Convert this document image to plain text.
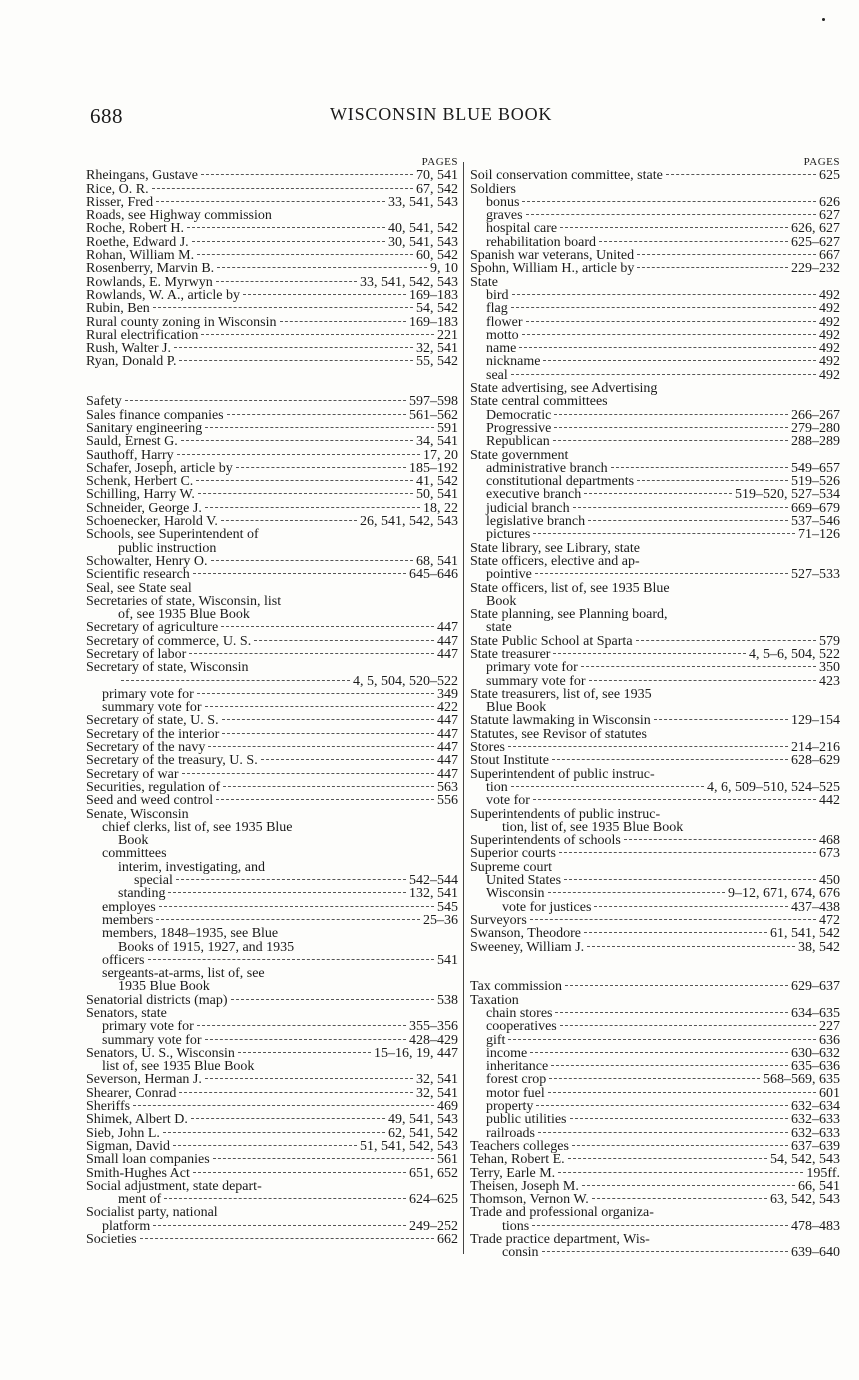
688	WISCONSIN BLUE BOOK
PAGES
Rheingans, Gustave	70, 541
Rice, O. R.	67, 542
Risser, Fred	33, 541, 543
Roads, see Highway commission
Roche, Robert H.	40, 541, 542
Roethe, Edward J.	30, 541, 543
Rohan, William M.	60, 542
Rosenberry, Marvin B.	9, 10
Rowlands, E. Myrwyn	33, 541, 542, 543
Rowlands, W. A., article by	169–183
Rubin, Ben	54, 542
Rural county zoning in Wisconsin	169–183
Rural electrification	221
Rush, Walter J.	32, 541
Ryan, Donald P.	55, 542
Safety	597–598
Sales finance companies	561–562
Sanitary engineering	591
Sauld, Ernest G.	34, 541
Sauthoff, Harry	17, 20
Schafer, Joseph, article by	185–192
Schenk, Herbert C.	41, 542
Schilling, Harry W.	50, 541
Schneider, George J.	18, 22
Schoenecker, Harold V.	26, 541, 542, 543
Schools, see Superintendent of
public instruction
Schowalter, Henry O.	68, 541
Scientific research	645–646
Seal, see State seal
Secretaries of state, Wisconsin, list
of, see 1935 Blue Book
Secretary of agriculture	447
Secretary of commerce, U. S.	447
Secretary of labor	447
Secretary of state, Wisconsin
4, 5, 504, 520–522
primary vote for	349
summary vote for	422
Secretary of state, U. S.	447
Secretary of the interior	447
Secretary of the navy	447
Secretary of the treasury, U. S.	447
Secretary of war	447
Securities, regulation of	563
Seed and weed control	556
Senate, Wisconsin
chief clerks, list of, see 1935 Blue
Book
committees
interim, investigating, and
special	542–544
standing	132, 541
employes	545
members	25–36
members, 1848–1935, see Blue
Books of 1915, 1927, and 1935
officers	541
sergeants-at-arms, list of, see
1935 Blue Book
Senatorial districts (map)	538
Senators, state
primary vote for	355–356
summary vote for	428–429
Senators, U. S., Wisconsin	15–16, 19, 447
list of, see 1935 Blue Book
Severson, Herman J.	32, 541
Shearer, Conrad	32, 541
Sheriffs	469
Shimek, Albert D.	49, 541, 543
Sieb, John L.	62, 541, 542
Sigman, David	51, 541, 542, 543
Small loan companies	561
Smith-Hughes Act	651, 652
Social adjustment, state depart-
ment of	624–625
Socialist party, national
platform	249–252
Societies	662
PAGES
Soil conservation committee, state	625
Soldiers
bonus	626
graves	627
hospital care	626, 627
rehabilitation board	625–627
Spanish war veterans, United	667
Spohn, William H., article by	229–232
State
bird	492
flag	492
flower	492
motto	492
name	492
nickname	492
seal	492
State advertising, see Advertising
State central committees
Democratic	266–267
Progressive	279–280
Republican	288–289
State government
administrative branch	549–657
constitutional departments	519–526
executive branch	519–520, 527–534
judicial branch	669–679
legislative branch	537–546
pictures	71–126
State library, see Library, state
State officers, elective and ap-
pointive	527–533
State officers, list of, see 1935 Blue
Book
State planning, see Planning board,
state
State Public School at Sparta	579
State treasurer	4, 5–6, 504, 522
primary vote for	350
summary vote for	423
State treasurers, list of, see 1935
Blue Book
Statute lawmaking in Wisconsin	129–154
Statutes, see Revisor of statutes
Stores	214–216
Stout Institute	628–629
Superintendent of public instruc-
tion	4, 6, 509–510, 524–525
vote for	442
Superintendents of public instruc-
tion, list of, see 1935 Blue Book
Superintendents of schools	468
Superior courts	673
Supreme court
United States	450
Wisconsin	9–12, 671, 674, 676
vote for justices	437–438
Surveyors	472
Swanson, Theodore	61, 541, 542
Sweeney, William J.	38, 542
Tax commission	629–637
Taxation
chain stores	634–635
cooperatives	227
gift	636
income	630–632
inheritance	635–636
forest crop	568–569, 635
motor fuel	601
property	632–634
public utilities	632–633
railroads	632–633
Teachers colleges	637–639
Tehan, Robert E.	54, 542, 543
Terry, Earle M.	195ff.
Theisen, Joseph M.	66, 541
Thomson, Vernon W.	63, 542, 543
Trade and professional organiza-
tions	478–483
Trade practice department, Wis-
consin	639–640
